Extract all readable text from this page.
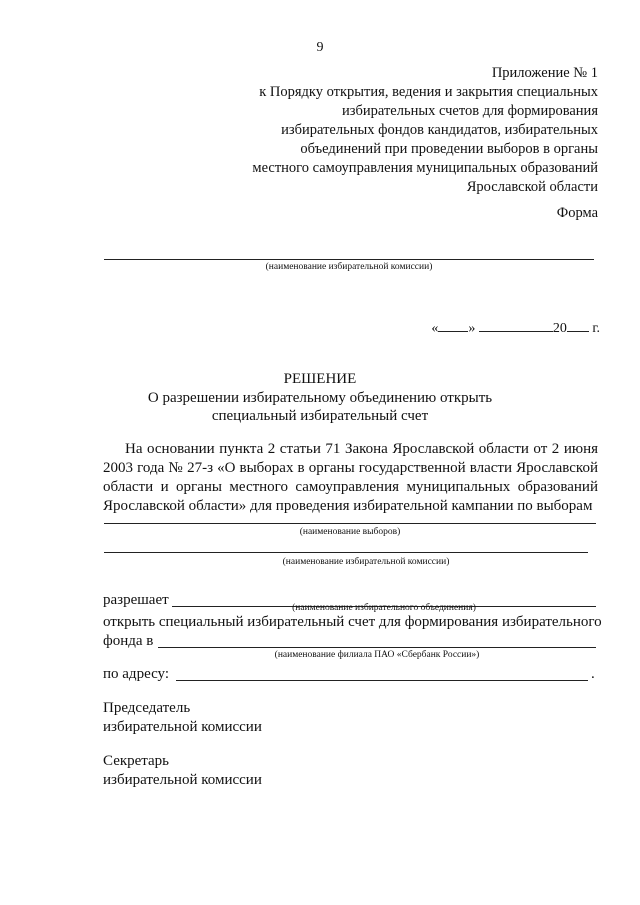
9
Приложение № 1
к Порядку открытия, ведения и закрытия специальных
избирательных счетов для формирования
избирательных фондов кандидатов, избирательных
объединений при проведении выборов в органы
местного самоуправления муниципальных образований
Ярославской области
Форма
(наименование избирательной комиссии)
« »	20 г.
РЕШЕНИЕ
О разрешении избирательному объединению открыть
специальный избирательный счет

На основании пункта 2 статьи 71 Закона Ярославской области от 2 июня 2003 года № 27-з «О выборах в органы государственной власти Ярославской области и органы местного самоуправления муниципальных образований Ярославской области» для проведения избирательной кампании по выборам

(наименование выборов)
(наименование избирательной комиссии)
разрешает	(наименование избирательного объединения)
открыть специальный избирательный счет для формирования избирательного
фонда в
(наименование филиала ПАО «Сбербанк России»)
по адресу:	.
Председатель
избирательной комиссии
Секретарь
избирательной комиссии
